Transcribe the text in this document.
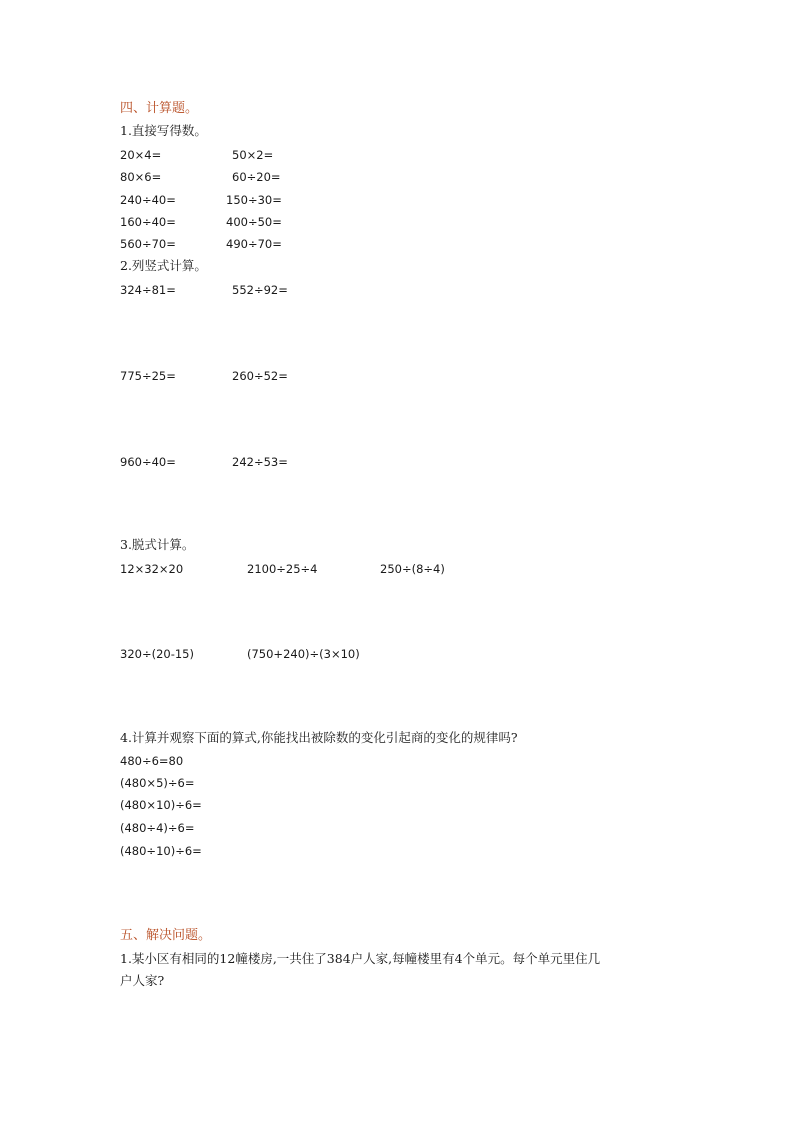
四、计算题。
1.直接写得数。
20×4=	50×2=
80×6=	60÷20=
240÷40=	150÷30=
160÷40=	400÷50=
560÷70=	490÷70=
2.列竖式计算。
324÷81=	552÷92=
775÷25=	260÷52=
960÷40=	242÷53=
3.脱式计算。
12×32×20	2100÷25÷4	250÷(8÷4)
320÷(20-15)	(750+240)÷(3×10)
4.计算并观察下面的算式,你能找出被除数的变化引起商的变化的规律吗?
480÷6=80
(480×5)÷6=
(480×10)÷6=
(480÷4)÷6=
(480÷10)÷6=
五、解决问题。
1.某小区有相同的12幢楼房,一共住了384户人家,每幢楼里有4个单元。每个单元里住几
户人家?
